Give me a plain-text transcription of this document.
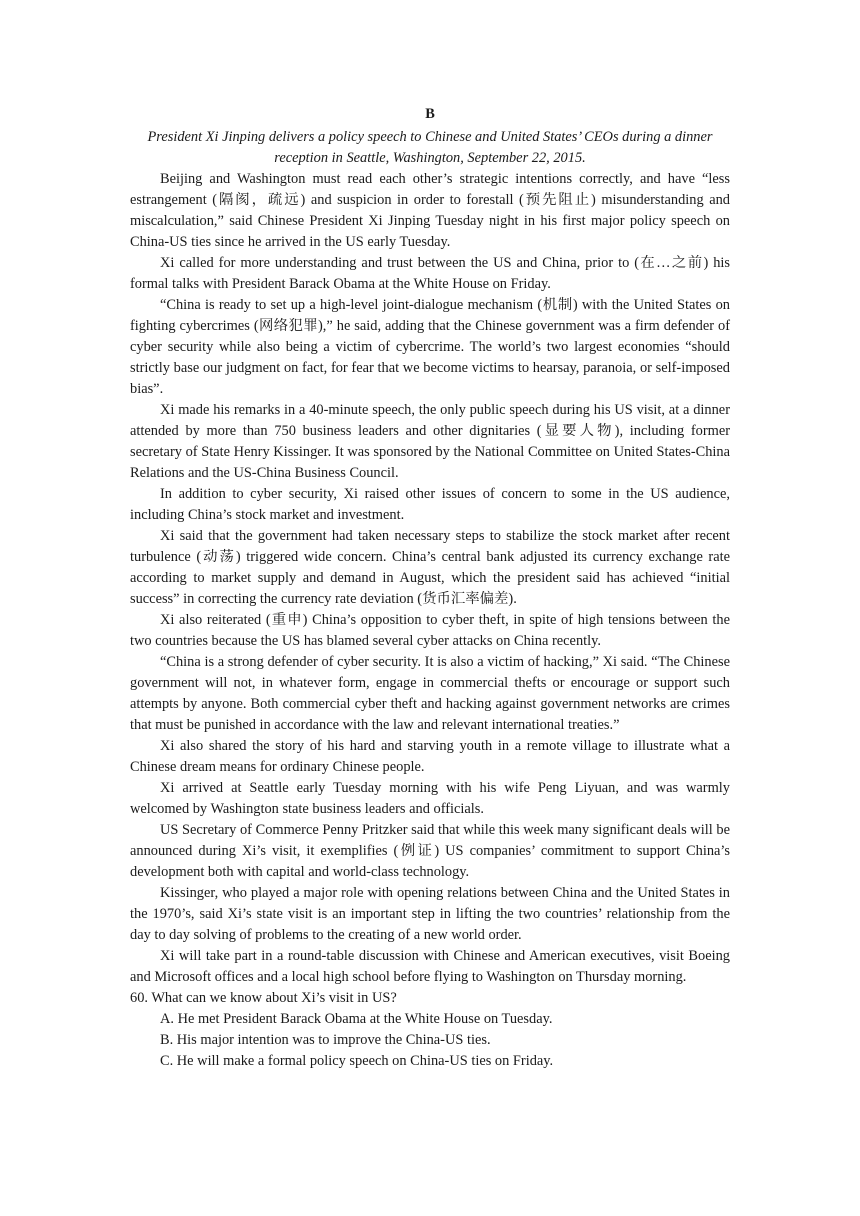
B

President Xi Jinping delivers a policy speech to Chinese and United States’ CEOs during a dinner

reception in Seattle, Washington, September 22, 2015.

Beijing and Washington must read each other’s strategic intentions correctly, and have “less estrangement (隔阂，疏远) and suspicion in order to forestall (预先阻止) misunderstanding and miscalculation,” said Chinese President Xi Jinping Tuesday night in his first major policy speech on China-US ties since he arrived in the US early Tuesday.

Xi called for more understanding and trust between the US and China, prior to (在…之前) his formal talks with President Barack Obama at the White House on Friday.

“China is ready to set up a high-level joint-dialogue mechanism (机制) with the United States on fighting cybercrimes (网络犯罪),” he said, adding that the Chinese government was a firm defender of cyber security while also being a victim of cybercrime. The world’s two largest economies “should strictly base our judgment on fact, for fear that we become victims to hearsay, paranoia, or self-imposed bias”.

Xi made his remarks in a 40-minute speech, the only public speech during his US visit, at a dinner attended by more than 750 business leaders and other dignitaries (显要人物), including former secretary of State Henry Kissinger. It was sponsored by the National Committee on United States-China Relations and the US-China Business Council.

In addition to cyber security, Xi raised other issues of concern to some in the US audience, including China’s stock market and investment.

Xi said that the government had taken necessary steps to stabilize the stock market after recent turbulence (动荡) triggered wide concern. China’s central bank adjusted its currency exchange rate according to market supply and demand in August, which the president said has achieved “initial success” in correcting the currency rate deviation (货币汇率偏差).

Xi also reiterated (重申) China’s opposition to cyber theft, in spite of high tensions between the two countries because the US has blamed several cyber attacks on China recently.

“China is a strong defender of cyber security. It is also a victim of hacking,” Xi said. “The Chinese government will not, in whatever form, engage in commercial thefts or encourage or support such attempts by anyone. Both commercial cyber theft and hacking against government networks are crimes that must be punished in accordance with the law and relevant international treaties.”

Xi also shared the story of his hard and starving youth in a remote village to illustrate what a Chinese dream means for ordinary Chinese people.

Xi arrived at Seattle early Tuesday morning with his wife Peng Liyuan, and was warmly welcomed by Washington state business leaders and officials.

US Secretary of Commerce Penny Pritzker said that while this week many significant deals will be announced during Xi’s visit, it exemplifies (例证) US companies’ commitment to support China’s development both with capital and world-class technology.

Kissinger, who played a major role with opening relations between China and the United States in the 1970’s, said Xi’s state visit is an important step in lifting the two countries’ relationship from the day to day solving of problems to the creating of a new world order.

Xi will take part in a round-table discussion with Chinese and American executives, visit Boeing and Microsoft offices and a local high school before flying to Washington on Thursday morning.

60. What can we know about Xi’s visit in US?

A. He met President Barack Obama at the White House on Tuesday.

B. His major intention was to improve the China-US ties.

C. He will make a formal policy speech on China-US ties on Friday.
